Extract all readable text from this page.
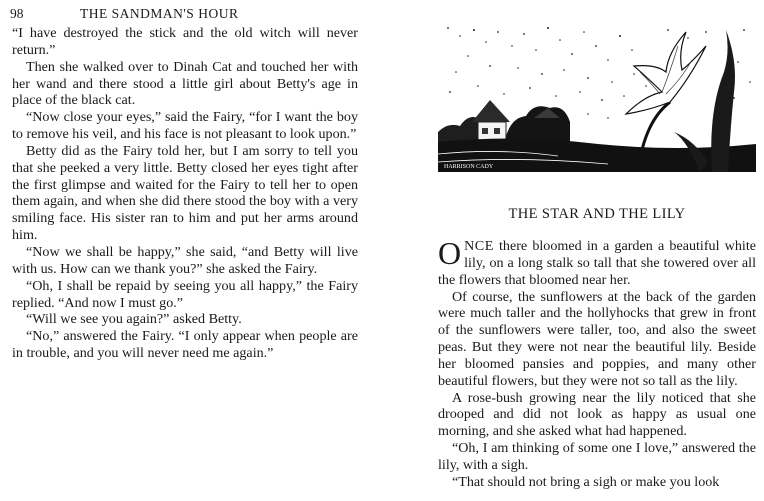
98	THE SANDMAN'S HOUR

“I have destroyed the stick and the old witch will never return.”

Then she walked over to Dinah Cat and touched her with her wand and there stood a little girl about Betty's age in place of the black cat.

“Now close your eyes,” said the Fairy, “for I want the boy to remove his veil, and his face is not pleasant to look upon.”

Betty did as the Fairy told her, but I am sorry to tell you that she peeked a very little. Betty closed her eyes tight after the first glimpse and waited for the Fairy to tell her to open them again, and when she did there stood the boy with a very smiling face. His sister ran to him and put her arms around him.

“Now we shall be happy,” she said, “and Betty will live with us. How can we thank you?” she asked the Fairy.

“Oh, I shall be repaid by seeing you all happy,” the Fairy replied. “And now I must go.”

“Will we see you again?” asked Betty.

“No,” answered the Fairy. “I only appear when people are in trouble, and you will never need me again.”

HARRISON CADY
THE STAR AND THE LILY

ONCE there bloomed in a garden a beautiful white lily, on a long stalk so tall that she towered over all the flowers that bloomed near her.

Of course, the sunflowers at the back of the garden were much taller and the hollyhocks that grew in front of the sunflowers were taller, too, and also the sweet peas. But they were not near the beautiful lily. Beside her bloomed pansies and poppies, and many other beautiful flowers, but they were not so tall as the lily.

A rose-bush growing near the lily noticed that she drooped and did not look as happy as usual one morning, and she asked what had happened.

“Oh, I am thinking of some one I love,” answered the lily, with a sigh.

“That should not bring a sigh or make you look
